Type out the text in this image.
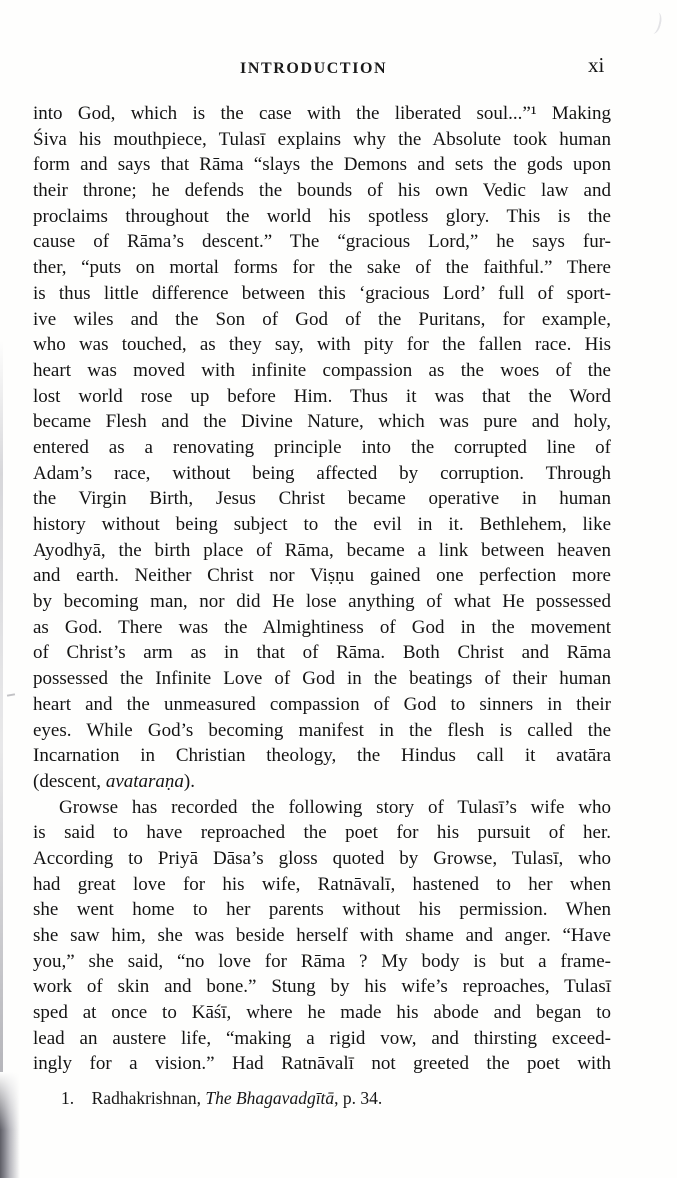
INTRODUCTION	xi
into God, which is the case with the liberated soul...”¹ Making
Śiva his mouthpiece, Tulasī explains why the Absolute took human
form and says that Rāma “slays the Demons and sets the gods upon
their throne; he defends the bounds of his own Vedic law and
proclaims throughout the world his spotless glory. This is the
cause of Rāma’s descent.” The “gracious Lord,” he says fur-
ther, “puts on mortal forms for the sake of the faithful.” There
is thus little difference between this ‘gracious Lord’ full of sport-
ive wiles and the Son of God of the Puritans, for example,
who was touched, as they say, with pity for the fallen race. His
heart was moved with infinite compassion as the woes of the
lost world rose up before Him. Thus it was that the Word
became Flesh and the Divine Nature, which was pure and holy,
entered as a renovating principle into the corrupted line of
Adam’s race, without being affected by corruption. Through
the Virgin Birth, Jesus Christ became operative in human
history without being subject to the evil in it. Bethlehem, like
Ayodhyā, the birth place of Rāma, became a link between heaven
and earth. Neither Christ nor Viṣṇu gained one perfection more
by becoming man, nor did He lose anything of what He possessed
as God. There was the Almightiness of God in the movement
of Christ’s arm as in that of Rāma. Both Christ and Rāma
possessed the Infinite Love of God in the beatings of their human
heart and the unmeasured compassion of God to sinners in their
eyes. While God’s becoming manifest in the flesh is called the
Incarnation in Christian theology, the Hindus call it avatāra
(descent, avataraṇa).
Growse has recorded the following story of Tulasī’s wife who
is said to have reproached the poet for his pursuit of her.
According to Priyā Dāsa’s gloss quoted by Growse, Tulasī, who
had great love for his wife, Ratnāvalī, hastened to her when
she went home to her parents without his permission. When
she saw him, she was beside herself with shame and anger. “Have
you,” she said, “no love for Rāma ? My body is but a frame-
work of skin and bone.” Stung by his wife’s reproaches, Tulasī
sped at once to Kāśī, where he made his abode and began to
lead an austere life, “making a rigid vow, and thirsting exceed-
ingly for a vision.” Had Ratnāvalī not greeted the poet with
1. Radhakrishnan, The Bhagavadgītā, p. 34.
